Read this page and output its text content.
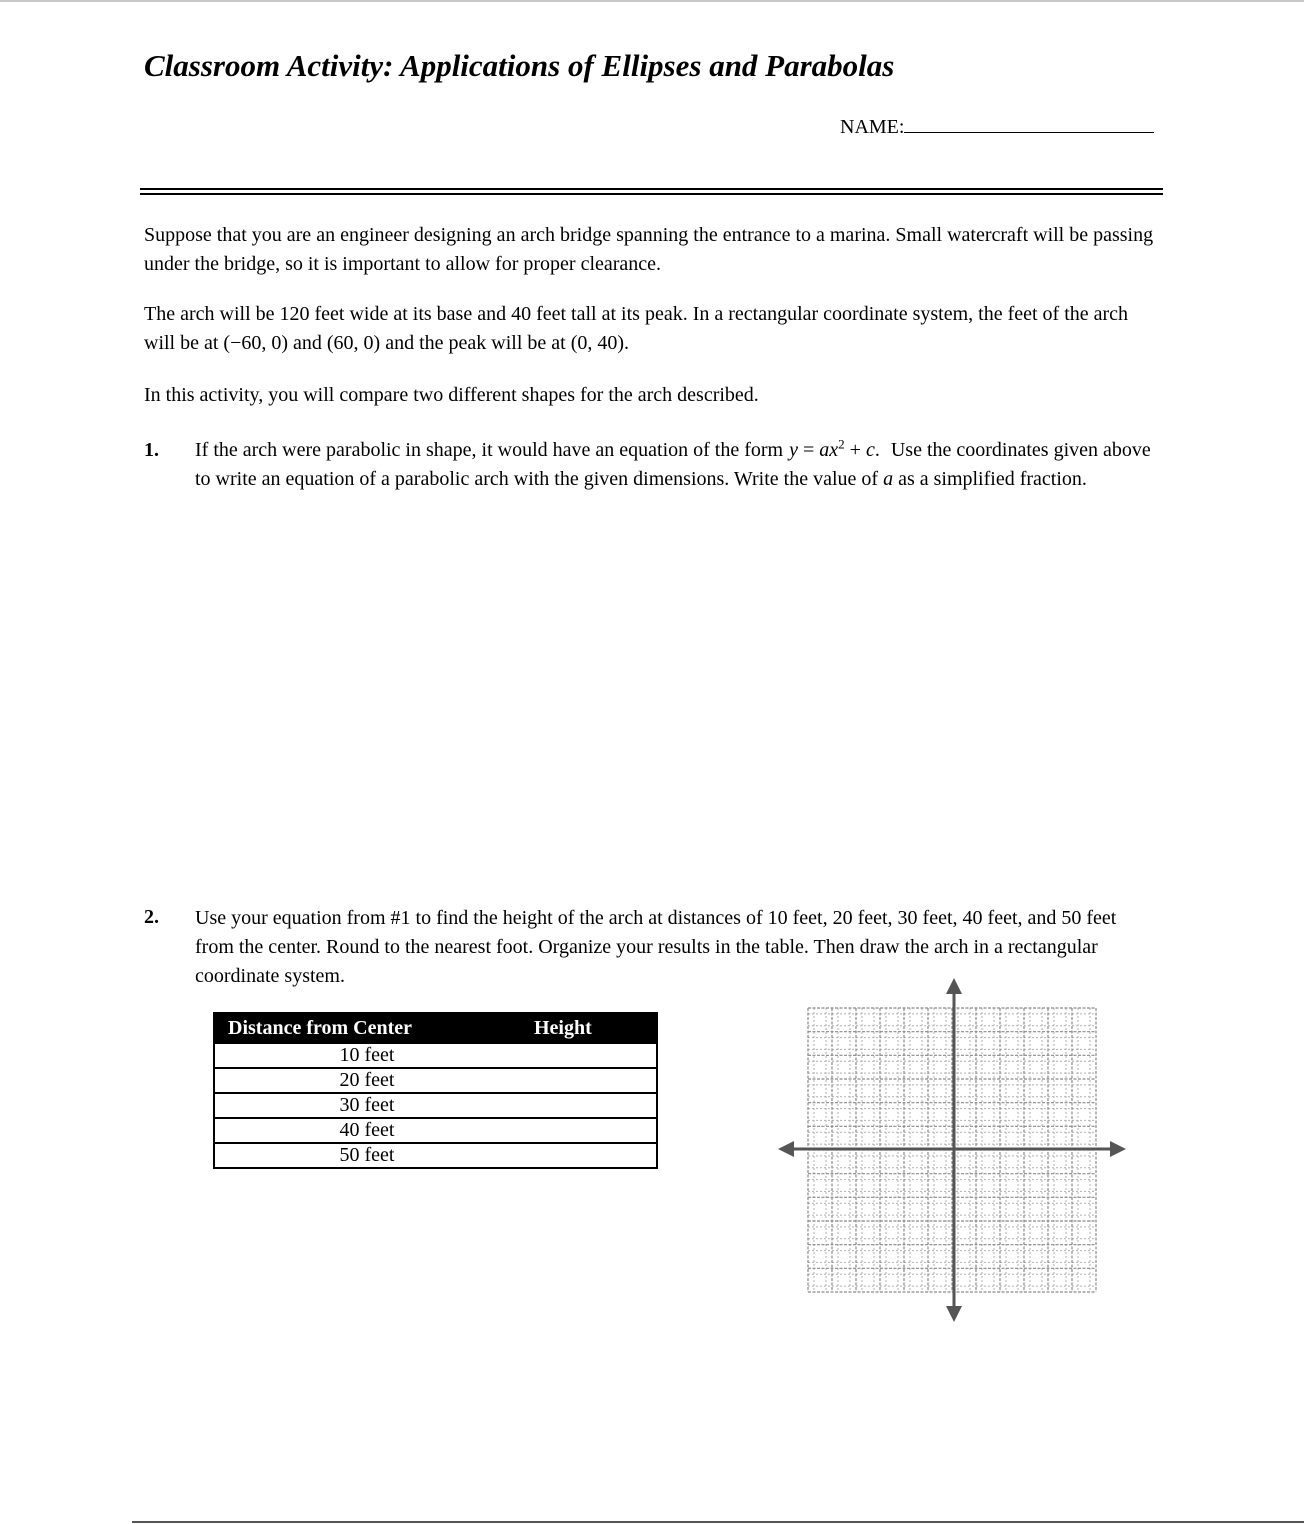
Classroom Activity: Applications of Ellipses and Parabolas
NAME:

Suppose that you are an engineer designing an arch bridge spanning the entrance to a marina. Small watercraft will be passing under the bridge, so it is important to allow for proper clearance.

The arch will be 120 feet wide at its base and 40 feet tall at its peak. In a rectangular coordinate system, the feet of the arch will be at (−60, 0) and (60, 0) and the peak will be at (0, 40).

In this activity, you will compare two different shapes for the arch described.

1. If the arch were parabolic in shape, it would have an equation of the form $y = ax^2 + c$. Use the coordinates given above to write an equation of a parabolic arch with the given dimensions. Write the value of a as a simplified fraction.

2. Use your equation from #1 to find the height of the arch at distances of 10 feet, 20 feet, 30 feet, 40 feet, and 50 feet from the center. Round to the nearest foot. Organize your results in the table. Then draw the arch in a rectangular coordinate system.

Distance from Center	Height
10 feet	
20 feet	
30 feet	
40 feet	
50 feet	
